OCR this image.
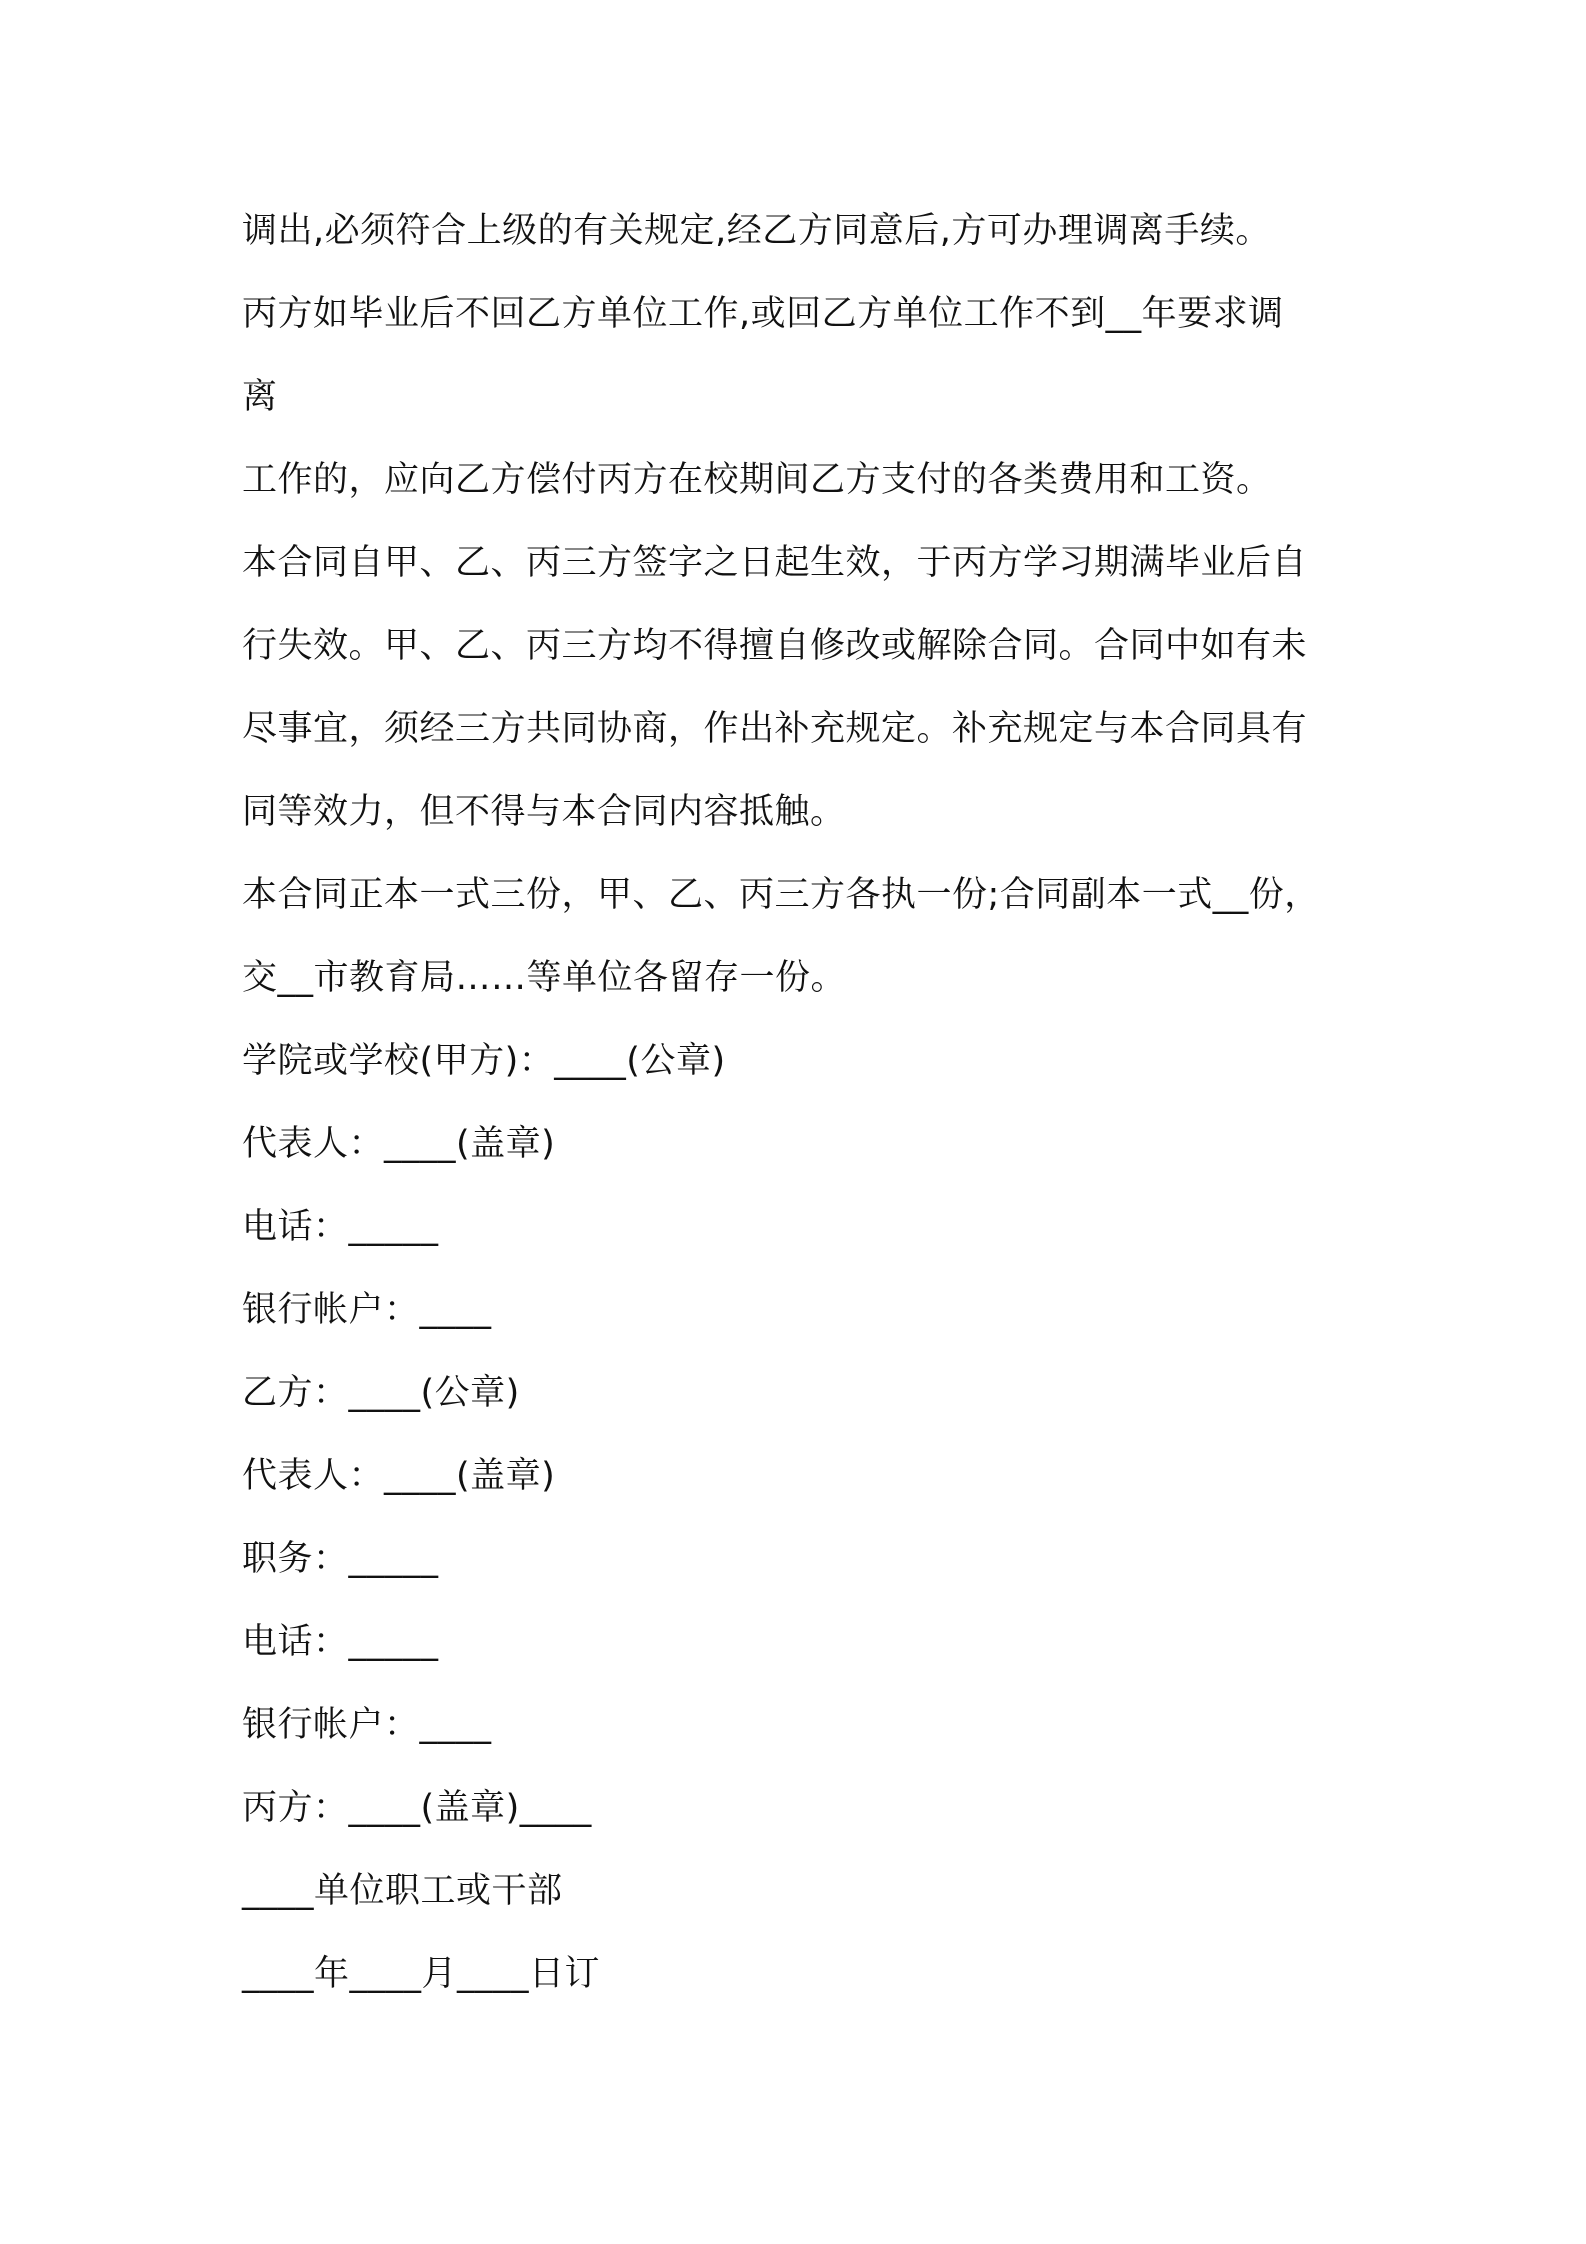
调出,必须符合上级的有关规定,经乙方同意后,方可办理调离手续。
丙方如毕业后不回乙方单位工作,或回乙方单位工作不到__年要求调
离
工作的，应向乙方偿付丙方在校期间乙方支付的各类费用和工资。
本合同自甲、乙、丙三方签字之日起生效，于丙方学习期满毕业后自
行失效。甲、乙、丙三方均不得擅自修改或解除合同。合同中如有未
尽事宜，须经三方共同协商，作出补充规定。补充规定与本合同具有
同等效力，但不得与本合同内容抵触。
本合同正本一式三份，甲、乙、丙三方各执一份;合同副本一式__份，
交__市教育局……等单位各留存一份。
学院或学校(甲方)：____(公章)
代表人：____(盖章)
电话：_____
银行帐户：____
乙方：____(公章)
代表人：____(盖章)
职务：_____
电话：_____
银行帐户：____
丙方：____(盖章)____
____单位职工或干部
____年____月____日订
